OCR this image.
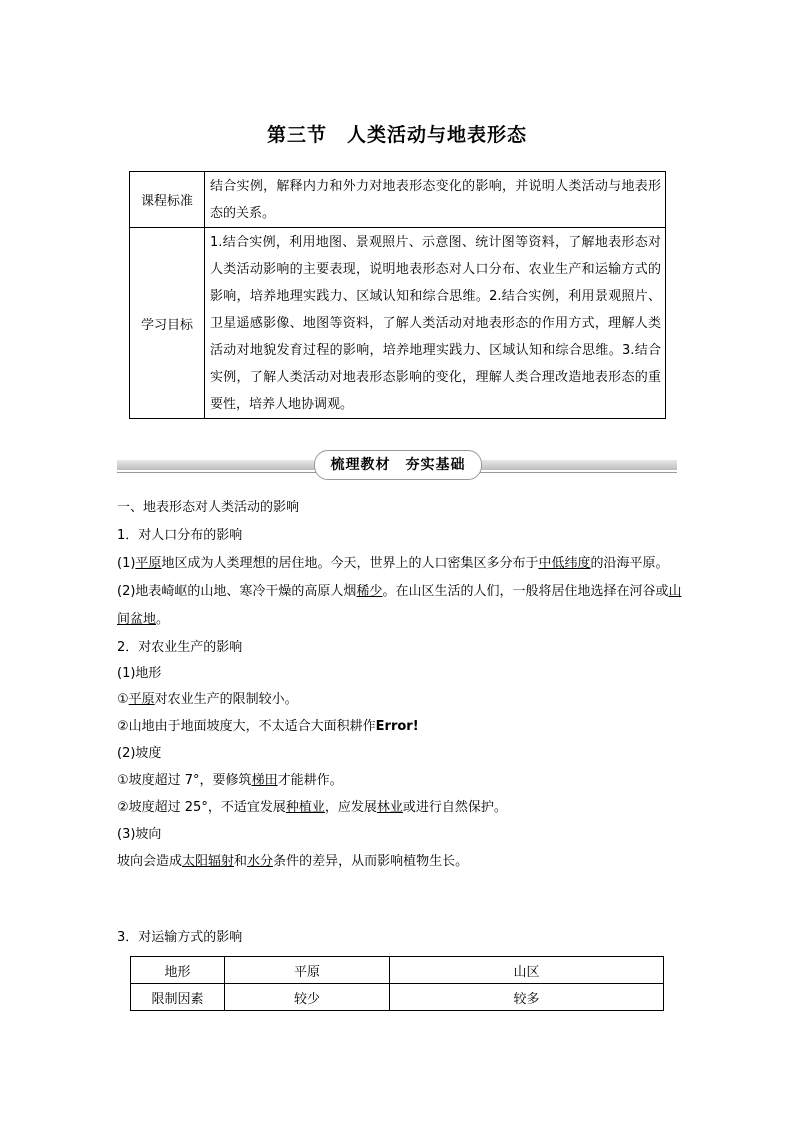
第三节　人类活动与地表形态
课程标准	结合实例，解释内力和外力对地表形态变化的影响，并说明人类活动与地表形态的关系。
学习目标	1.结合实例，利用地图、景观照片、示意图、统计图等资料，了解地表形态对人类活动影响的主要表现，说明地表形态对人口分布、农业生产和运输方式的影响，培养地理实践力、区域认知和综合思维。2.结合实例，利用景观照片、卫星遥感影像、地图等资料，了解人类活动对地表形态的作用方式，理解人类活动对地貌发育过程的影响，培养地理实践力、区域认知和综合思维。3.结合实例，了解人类活动对地表形态影响的变化，理解人类合理改造地表形态的重要性，培养人地协调观。
梳理教材　夯实基础
一、地表形态对人类活动的影响
1．对人口分布的影响
(1)平原地区成为人类理想的居住地。今天，世界上的人口密集区多分布于中低纬度的沿海平原。
(2)地表崎岖的山地、寒冷干燥的高原人烟稀少。在山区生活的人们，一般将居住地选择在河谷或山间盆地。
2．对农业生产的影响
(1)地形
①平原对农业生产的限制较小。
②山地由于地面坡度大，不太适合大面积耕作Error!
(2)坡度
①坡度超过 7°，要修筑梯田才能耕作。
②坡度超过 25°，不适宜发展种植业，应发展林业或进行自然保护。
(3)坡向
坡向会造成太阳辐射和水分条件的差异，从而影响植物生长。
3．对运输方式的影响
地形	平原	山区
限制因素	较少	较多
